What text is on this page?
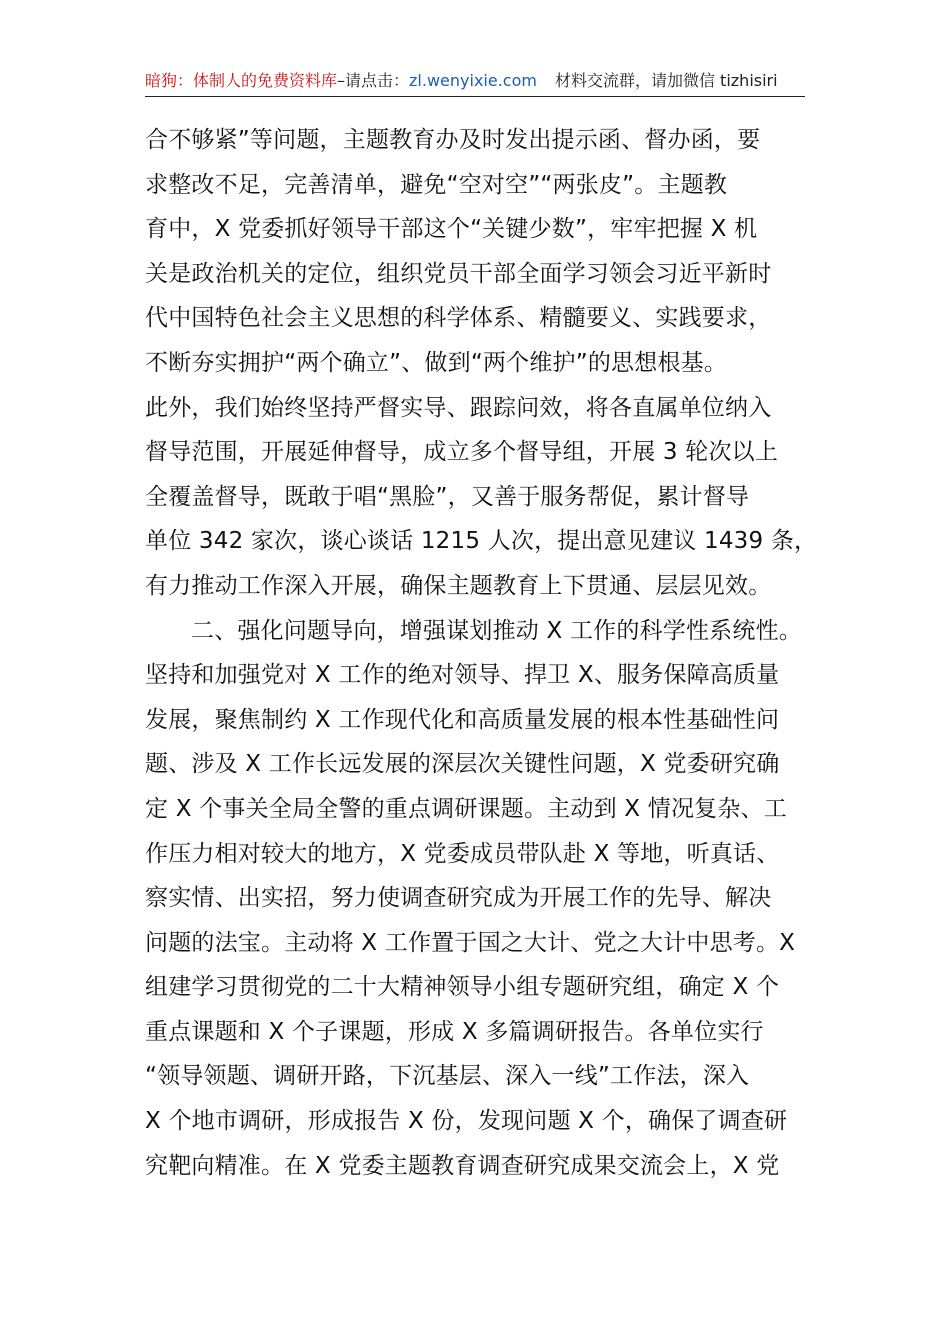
暗狗：体制人的免费资料库–请点击：zl.wenyixie.com 材料交流群，请加微信 tizhisiri
合不够紧”等问题，主题教育办及时发出提示函、督办函，要
求整改不足，完善清单，避免“空对空”“两张皮”。主题教
育中，X 党委抓好领导干部这个“关键少数”，牢牢把握 X 机
关是政治机关的定位，组织党员干部全面学习领会习近平新时
代中国特色社会主义思想的科学体系、精髓要义、实践要求，
不断夯实拥护“两个确立”、做到“两个维护”的思想根基。
此外，我们始终坚持严督实导、跟踪问效，将各直属单位纳入
督导范围，开展延伸督导，成立多个督导组，开展 3 轮次以上
全覆盖督导，既敢于唱“黑脸”，又善于服务帮促，累计督导
单位 342 家次，谈心谈话 1215 人次，提出意见建议 1439 条，
有力推动工作深入开展，确保主题教育上下贯通、层层见效。
二、强化问题导向，增强谋划推动 X 工作的科学性系统性。
坚持和加强党对 X 工作的绝对领导、捍卫 X、服务保障高质量
发展，聚焦制约 X 工作现代化和高质量发展的根本性基础性问
题、涉及 X 工作长远发展的深层次关键性问题，X 党委研究确
定 X 个事关全局全警的重点调研课题。主动到 X 情况复杂、工
作压力相对较大的地方，X 党委成员带队赴 X 等地，听真话、
察实情、出实招，努力使调查研究成为开展工作的先导、解决
问题的法宝。主动将 X 工作置于国之大计、党之大计中思考。X
组建学习贯彻党的二十大精神领导小组专题研究组，确定 X 个
重点课题和 X 个子课题，形成 X 多篇调研报告。各单位实行
“领导领题、调研开路，下沉基层、深入一线”工作法，深入
X 个地市调研，形成报告 X 份，发现问题 X 个，确保了调查研
究靶向精准。在 X 党委主题教育调查研究成果交流会上，X 党
